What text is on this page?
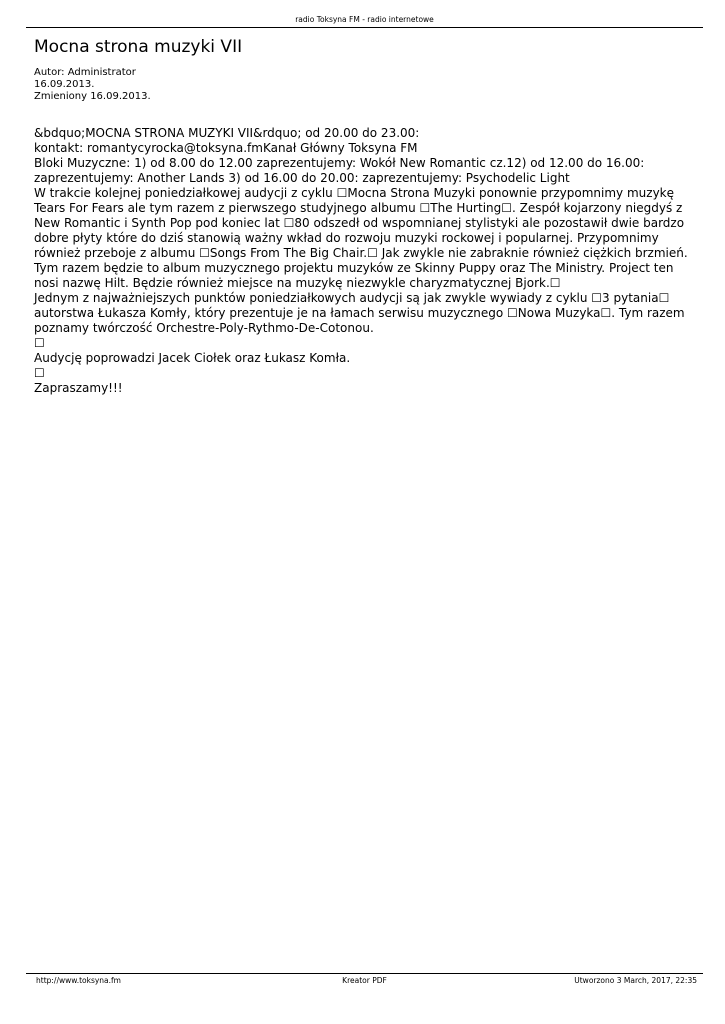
radio Toksyna FM - radio internetowe
Mocna strona muzyki VII
Autor: Administrator
16.09.2013.
Zmieniony 16.09.2013.

&bdquo;MOCNA STRONA MUZYKI VII&rdquo; od 20.00 do 23.00:

kontakt: romantycyrocka@toksyna.fmKanał Główny Toksyna FM

Bloki Muzyczne: 1) od 8.00 do 12.00 zaprezentujemy: Wokół New Romantic cz.12) od 12.00 do 16.00: zaprezentujemy: Another Lands 3) od 16.00 do 20.00: zaprezentujemy: Psychodelic Light

W trakcie kolejnej poniedziałkowej audycji z cyklu ☐Mocna Strona Muzyki ponownie przypomnimy muzykę Tears For Fears ale tym razem z pierwszego studyjnego albumu ☐The Hurting☐. Zespół kojarzony niegdyś z New Romantic i Synth Pop pod koniec lat ☐80 odszedł od wspomnianej stylistyki ale pozostawił dwie bardzo dobre płyty które do dziś stanowią ważny wkład do rozwoju muzyki rockowej i popularnej. Przypomnimy również przeboje z albumu ☐Songs From The Big Chair.☐ Jak zwykle nie zabraknie również ciężkich brzmień. Tym razem będzie to album muzycznego projektu muzyków ze Skinny Puppy oraz The Ministry. Project ten nosi nazwę Hilt. Będzie również miejsce na muzykę niezwykle charyzmatycznej Bjork.☐

Jednym z najważniejszych punktów poniedziałkowych audycji są jak zwykle wywiady z cyklu ☐3 pytania☐ autorstwa Łukasza Komły, który prezentuje je na łamach serwisu muzycznego ☐Nowa Muzyka☐. Tym razem poznamy twórczość Orchestre-Poly-Rythmo-De-Cotonou.

☐

Audycję poprowadzi Jacek Ciołek oraz Łukasz Komła.

☐

Zapraszamy!!!

Kreator PDF
http://www.toksyna.fm	Utworzono 3 March, 2017, 22:35
